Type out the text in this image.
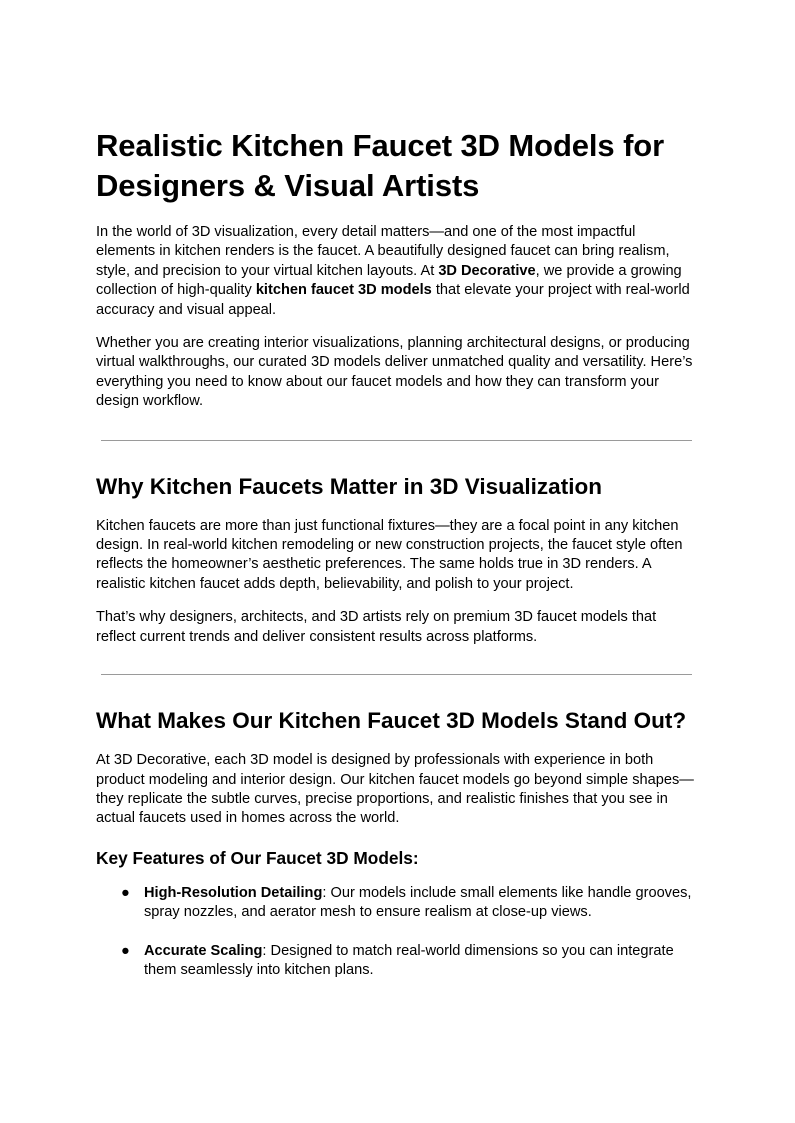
Realistic Kitchen Faucet 3D Models for Designers & Visual Artists

In the world of 3D visualization, every detail matters—and one of the most impactful elements in kitchen renders is the faucet. A beautifully designed faucet can bring realism, style, and precision to your virtual kitchen layouts. At 3D Decorative, we provide a growing collection of high-quality kitchen faucet 3D models that elevate your project with real-world accuracy and visual appeal.

Whether you are creating interior visualizations, planning architectural designs, or producing virtual walkthroughs, our curated 3D models deliver unmatched quality and versatility. Here’s everything you need to know about our faucet models and how they can transform your design workflow.

Why Kitchen Faucets Matter in 3D Visualization

Kitchen faucets are more than just functional fixtures—they are a focal point in any kitchen design. In real-world kitchen remodeling or new construction projects, the faucet style often reflects the homeowner’s aesthetic preferences. The same holds true in 3D renders. A realistic kitchen faucet adds depth, believability, and polish to your project.

That’s why designers, architects, and 3D artists rely on premium 3D faucet models that reflect current trends and deliver consistent results across platforms.

What Makes Our Kitchen Faucet 3D Models Stand Out?

At 3D Decorative, each 3D model is designed by professionals with experience in both product modeling and interior design. Our kitchen faucet models go beyond simple shapes—they replicate the subtle curves, precise proportions, and realistic finishes that you see in actual faucets used in homes across the world.

Key Features of Our Faucet 3D Models:
● High-Resolution Detailing: Our models include small elements like handle grooves, spray nozzles, and aerator mesh to ensure realism at close-up views.
● Accurate Scaling: Designed to match real-world dimensions so you can integrate them seamlessly into kitchen plans.
